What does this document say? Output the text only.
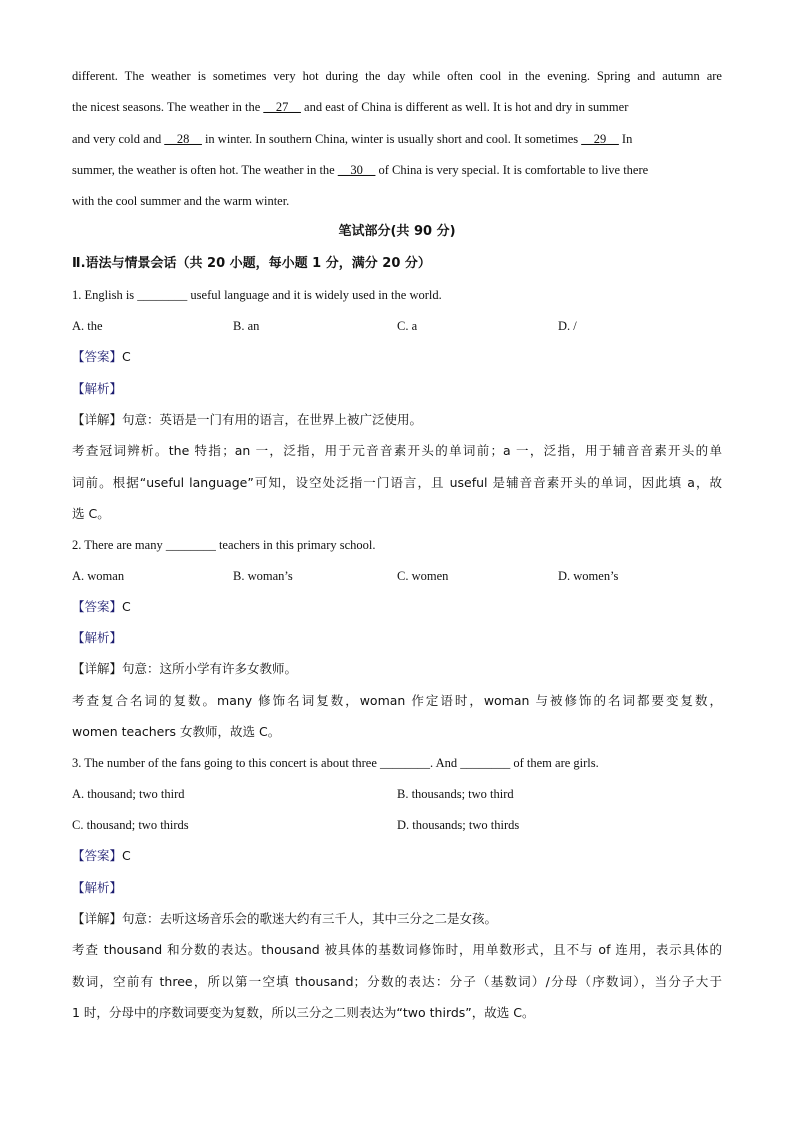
different. The weather is sometimes very hot during the day while often cool in the evening. Spring and autumn are
the nicest seasons. The weather in the __27__ and east of China is different as well. It is hot and dry in summer
and very cold and __28__ in winter. In southern China, winter is usually short and cool. It sometimes __29__ In
summer, the weather is often hot. The weather in the __30__ of China is very special. It is comfortable to live there
with the cool summer and the warm winter.
笔试部分(共 90 分)
Ⅱ.语法与情景会话（共 20 小题，每小题 1 分，满分 20 分）
1. English is ________ useful language and it is widely used in the world.
A. the	B. an	C. a	D. /
【答案】C
【解析】
【详解】句意：英语是一门有用的语言，在世界上被广泛使用。
考查冠词辨析。the 特指；an 一，泛指，用于元音音素开头的单词前；a 一，泛指，用于辅音音素开头的单
词前。根据“useful language”可知，设空处泛指一门语言，且 useful 是辅音音素开头的单词，因此填 a，故
选 C。
2. There are many ________ teachers in this primary school.
A. woman	B. woman’s	C. women	D. women’s
【答案】C
【解析】
【详解】句意：这所小学有许多女教师。
考查复合名词的复数。many 修饰名词复数，woman 作定语时，woman 与被修饰的名词都要变复数，
women teachers 女教师，故选 C。
3. The number of the fans going to this concert is about three ________. And ________ of them are girls.
A. thousand; two third	B. thousands; two third
C. thousand; two thirds	D. thousands; two thirds
【答案】C
【解析】
【详解】句意：去听这场音乐会的歌迷大约有三千人，其中三分之二是女孩。
考查 thousand 和分数的表达。thousand 被具体的基数词修饰时，用单数形式，且不与 of 连用，表示具体的
数词，空前有 three，所以第一空填 thousand；分数的表达：分子（基数词）/分母（序数词），当分子大于
1 时，分母中的序数词要变为复数，所以三分之二则表达为“two thirds”，故选 C。
